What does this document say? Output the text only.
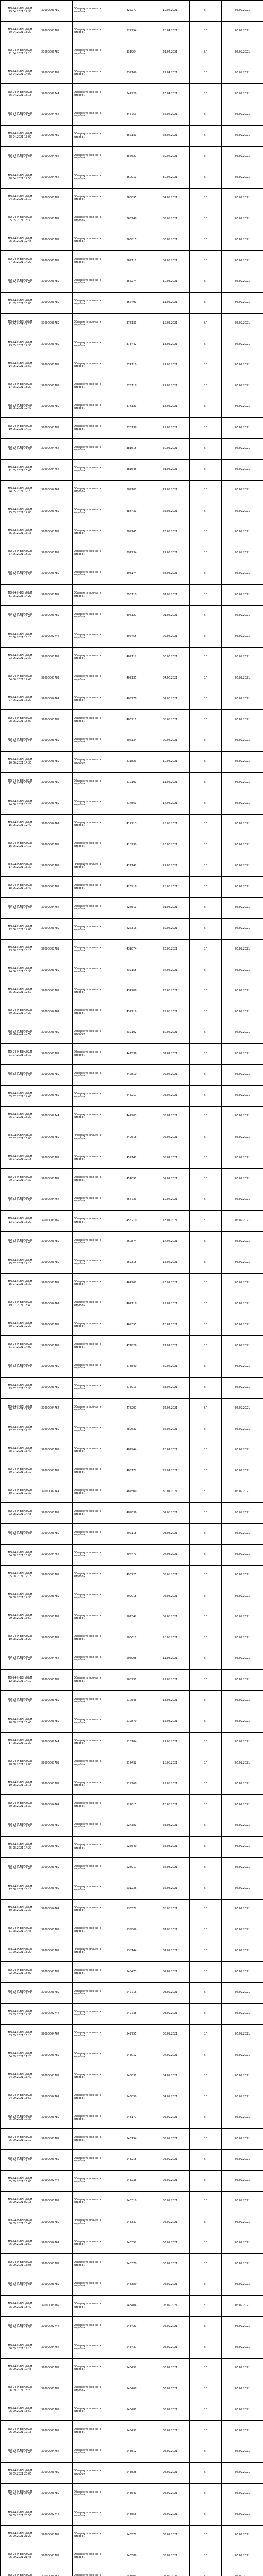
ПО-94-Н-ВЕН/09/П 19.04.2021 14:30	37600003789	Обвернута ярочка з виробом	327277	19.04.2021	ВЛ	06.09.2021
ПО-94-Н-ВЕН/09/П 20.04.2021 13:20	37600003789	Обвернута ярочка з виробом	327294	20.04.2021	ВЛ	06.09.2021
ПО-94-Н-ВЕН/09/П 21.04.2021 17:10	37600003789	Обвернута ярочка з виробом	331964	21.04.2021	ВЛ	06.09.2021
ПО-94-Н-ВЕН/09/П 22.04.2021 14:00	37600003789	Обвернута ярочка з виробом	332169	22.04.2021	ВЛ	06.09.2021
ПО-94-Н-ВЕН/09/П 26.04.2021 16:15	37600002744	Обвернута ярочка з виробом	344229	26.04.2021	ВЛ	06.09.2021
ПО-94-Н-ВЕН/09/П 27.04.2021 15:40	37600004767	Обвернута ярочка з виробом	346753	27.04.2021	ВЛ	06.09.2021
ПО-94-Н-ВЕН/09/П 28.04.2021 13:00	37600003789	Обвернута ярочка з виробом	352131	28.04.2021	ВЛ	06.09.2021
ПО-94-Н-ВЕН/09/П 29.04.2021 12:20	37600004767	Обвернута ярочка з виробом	356627	29.04.2021	ВЛ	06.09.2021
ПО-94-Н-ВЕН/09/П 30.04.2021 14:50	37600004767	Обвернута ярочка з виробом	360911	30.04.2021	ВЛ	06.09.2021
ПО-94-Н-ВЕН/09/П 04.05.2021 13:10	37600003789	Обвернута ярочка з виробом	363095	04.05.2021	ВЛ	06.09.2021
ПО-94-Н-ВЕН/09/П 05.05.2021 15:30	37600003789	Обвернута ярочка з виробом	366748	05.05.2021	ВЛ	06.09.2021
ПО-94-Н-ВЕН/09/П 06.05.2021 12:45	37600003789	Обвернута ярочка з виробом	366815	06.05.2021	ВЛ	06.09.2021
ПО-94-Н-ВЕН/09/П 07.05.2021 14:20	37600003789	Обвернута ярочка з виробом	367111	07.05.2021	ВЛ	06.09.2021
ПО-94-Н-ВЕН/09/П 10.05.2021 13:40	37600003789	Обвернута ярочка з виробом	367274	10.05.2021	ВЛ	06.09.2021
ПО-94-Н-ВЕН/09/П 11.05.2021 15:00	37600003789	Обвернута ярочка з виробом	367491	11.05.2021	ВЛ	06.09.2021
ПО-94-Н-ВЕН/09/П 12.05.2021 12:10	37600003789	Обвернута ярочка з виробом	373131	12.05.2021	ВЛ	06.09.2021
ПО-94-Н-ВЕН/09/П 13.05.2021 14:30	37600003789	Обвернута ярочка з виробом	373442	13.05.2021	ВЛ	06.09.2021
ПО-94-Н-ВЕН/09/П 14.05.2021 13:50	37600003789	Обвернута ярочка з виробом	374110	14.05.2021	ВЛ	06.09.2021
ПО-94-Н-ВЕН/09/П 17.05.2021 15:20	37600003789	Обвернута ярочка з виробом	378118	17.05.2021	ВЛ	06.09.2021
ПО-94-Н-ВЕН/09/П 18.05.2021 12:40	37600003789	Обвернута ярочка з виробом	378121	18.05.2021	ВЛ	06.09.2021
ПО-94-Н-ВЕН/09/П 19.05.2021 14:10	37600003789	Обвернута ярочка з виробом	378138	19.05.2021	ВЛ	06.09.2021
ПО-94-Н-ВЕН/09/П 20.05.2021 13:30	37600004767	Обвернута ярочка з виробом	381615	20.05.2021	ВЛ	06.09.2021
ПО-94-Н-ВЕН/09/П 21.05.2021 15:45	37600004767	Обвернута ярочка з виробом	381646	21.05.2021	ВЛ	06.09.2021
ПО-94-Н-ВЕН/09/П 24.05.2021 12:20	37600004767	Обвернута ярочка з виробом	382107	24.05.2021	ВЛ	06.09.2021
ПО-94-Н-ВЕН/09/П 25.05.2021 14:00	37600003789	Обвернута ярочка з виробом	388431	25.05.2021	ВЛ	06.09.2021
ПО-94-Н-ВЕН/09/П 26.05.2021 13:15	37600003789	Обвернута ярочка з виробом	389145	26.05.2021	ВЛ	06.09.2021
ПО-94-Н-ВЕН/09/П 27.05.2021 15:30	37600003789	Обвернута ярочка з виробом	391734	27.05.2021	ВЛ	06.09.2021
ПО-94-Н-ВЕН/09/П 28.05.2021 12:50	37600003789	Обвернута ярочка з виробом	393174	28.05.2021	ВЛ	06.09.2021
ПО-94-Н-ВЕН/09/П 31.05.2021 14:20	37600003789	Обвернута ярочка з виробом	396110	31.05.2021	ВЛ	06.09.2021
ПО-94-Н-ВЕН/09/П 01.06.2021 13:40	37600003789	Обвернута ярочка з виробом	396127	01.06.2021	ВЛ	06.09.2021
ПО-94-Н-ВЕН/09/П 02.06.2021 15:10	37600002744	Обвернута ярочка з виробом	397455	02.06.2021	ВЛ	06.09.2021
ПО-94-Н-ВЕН/09/П 03.06.2021 12:30	37600003789	Обвернута ярочка з виробом	402112	03.06.2021	ВЛ	06.09.2021
ПО-94-Н-ВЕН/09/П 04.06.2021 14:45	37600003789	Обвернута ярочка з виробом	402135	04.06.2021	ВЛ	06.09.2021
ПО-94-Н-ВЕН/09/П 07.06.2021 13:20	37600004767	Обвернута ярочка з виробом	403778	07.06.2021	ВЛ	06.09.2021
ПО-94-Н-ВЕН/09/П 08.06.2021 15:00	37600003789	Обвернута ярочка з виробом	406211	08.06.2021	ВЛ	06.09.2021
ПО-94-Н-ВЕН/09/П 09.06.2021 12:15	37600003789	Обвернута ярочка з виробом	407134	09.06.2021	ВЛ	06.09.2021
ПО-94-Н-ВЕН/09/П 10.06.2021 14:30	37600003789	Обвернута ярочка з виробом	411823	10.06.2021	ВЛ	06.09.2021
ПО-94-Н-ВЕН/09/П 11.06.2021 13:50	37600003789	Обвернута ярочка з виробом	412101	11.06.2021	ВЛ	06.09.2021
ПО-94-Н-ВЕН/09/П 14.06.2021 15:20	37600003789	Обвернута ярочка з виробом	414561	14.06.2021	ВЛ	06.09.2021
ПО-94-Н-ВЕН/09/П 15.06.2021 12:40	37600004767	Обвернута ярочка з виробом	417713	15.06.2021	ВЛ	06.09.2021
ПО-94-Н-ВЕН/09/П 16.06.2021 14:10	37600003789	Обвернута ярочка з виробом	418230	16.06.2021	ВЛ	06.09.2021
ПО-94-Н-ВЕН/09/П 17.06.2021 13:30	37600003789	Обвернута ярочка з виробом	421147	17.06.2021	ВЛ	06.09.2021
ПО-94-Н-ВЕН/09/П 18.06.2021 15:40	37600003789	Обвернута ярочка з виробом	423918	18.06.2021	ВЛ	06.09.2021
ПО-94-Н-ВЕН/09/П 21.06.2021 12:20	37600004767	Обвернута ярочка з виробом	425511	21.06.2021	ВЛ	06.09.2021
ПО-94-Н-ВЕН/09/П 22.06.2021 14:00	37600003789	Обвернута ярочка з виробом	427316	22.06.2021	ВЛ	06.09.2021
ПО-94-Н-ВЕН/09/П 23.06.2021 13:15	37600003789	Обвернута ярочка з виробом	431074	23.06.2021	ВЛ	06.09.2021
ПО-94-Н-ВЕН/09/П 24.06.2021 15:30	37600003789	Обвернута ярочка з виробом	432155	24.06.2021	ВЛ	06.09.2021
ПО-94-Н-ВЕН/09/П 25.06.2021 12:50	37600003789	Обвернута ярочка з виробом	434208	25.06.2021	ВЛ	06.09.2021
ПО-94-Н-ВЕН/09/П 29.06.2021 14:20	37600004767	Обвернута ярочка з виробом	437719	29.06.2021	ВЛ	06.09.2021
ПО-94-Н-ВЕН/09/П 30.06.2021 13:40	37600003789	Обвернута ярочка з виробом	439102	30.06.2021	ВЛ	06.09.2021
ПО-94-Н-ВЕН/09/П 01.07.2021 15:10	37600003789	Обвернута ярочка з виробом	441536	01.07.2021	ВЛ	06.09.2021
ПО-94-Н-ВЕН/09/П 02.07.2021 12:30	37600003789	Обвернута ярочка з виробом	442810	02.07.2021	ВЛ	06.09.2021
ПО-94-Н-ВЕН/09/П 05.07.2021 14:45	37600003789	Обвернута ярочка з виробом	445217	05.07.2021	ВЛ	06.09.2021
ПО-94-Н-ВЕН/09/П 06.07.2021 13:20	37600002744	Обвернута ярочка з виробом	447903	06.07.2021	ВЛ	06.09.2021
ПО-94-Н-ВЕН/09/П 07.07.2021 15:00	37600003789	Обвернута ярочка з виробом	449618	07.07.2021	ВЛ	06.09.2021
ПО-94-Н-ВЕН/09/П 08.07.2021 12:15	37600003789	Обвернута ярочка з виробом	452147	08.07.2021	ВЛ	06.09.2021
ПО-94-Н-ВЕН/09/П 09.07.2021 14:30	37600003789	Обвернута ярочка з виробом	454091	09.07.2021	ВЛ	06.09.2021
ПО-94-Н-ВЕН/09/П 12.07.2021 13:50	37600004767	Обвернута ярочка з виробом	456733	12.07.2021	ВЛ	06.09.2021
ПО-94-Н-ВЕН/09/П 13.07.2021 15:20	37600003789	Обвернута ярочка з виробом	458210	13.07.2021	ВЛ	06.09.2021
ПО-94-Н-ВЕН/09/П 14.07.2021 12:40	37600003789	Обвернута ярочка з виробом	460874	14.07.2021	ВЛ	06.09.2021
ПО-94-Н-ВЕН/09/П 15.07.2021 14:10	37600003789	Обвернута ярочка з виробом	462315	15.07.2021	ВЛ	06.09.2021
ПО-94-Н-ВЕН/09/П 16.07.2021 13:30	37600003789	Обвернута ярочка з виробом	464902	16.07.2021	ВЛ	06.09.2021
ПО-94-Н-ВЕН/09/П 19.07.2021 15:40	37600004767	Обвернута ярочка з виробом	467118	19.07.2021	ВЛ	06.09.2021
ПО-94-Н-ВЕН/09/П 20.07.2021 12:20	37600003789	Обвернута ярочка з виробом	469355	20.07.2021	ВЛ	06.09.2021
ПО-94-Н-ВЕН/09/П 21.07.2021 14:00	37600003789	Обвернута ярочка з виробом	471826	21.07.2021	ВЛ	06.09.2021
ПО-94-Н-ВЕН/09/П 22.07.2021 13:15	37600003789	Обвернута ярочка з виробом	473540	22.07.2021	ВЛ	06.09.2021
ПО-94-Н-ВЕН/09/П 23.07.2021 15:30	37600003789	Обвернута ярочка з виробом	475913	23.07.2021	ВЛ	06.09.2021
ПО-94-Н-ВЕН/09/П 26.07.2021 12:50	37600004767	Обвернута ярочка з виробом	478207	26.07.2021	ВЛ	06.09.2021
ПО-94-Н-ВЕН/09/П 27.07.2021 14:20	37600003789	Обвернута ярочка з виробом	480631	27.07.2021	ВЛ	06.09.2021
ПО-94-Н-ВЕН/09/П 28.07.2021 13:40	37600003789	Обвернута ярочка з виробом	482944	28.07.2021	ВЛ	06.09.2021
ПО-94-Н-ВЕН/09/П 29.07.2021 15:10	37600003789	Обвернута ярочка з виробом	485172	29.07.2021	ВЛ	06.09.2021
ПО-94-Н-ВЕН/09/П 30.07.2021 12:30	37600002744	Обвернута ярочка з виробом	487509	30.07.2021	ВЛ	06.09.2021
ПО-94-Н-ВЕН/09/П 02.08.2021 14:45	37600003789	Обвернута ярочка з виробом	489836	02.08.2021	ВЛ	06.09.2021
ПО-94-Н-ВЕН/09/П 03.08.2021 13:20	37600003789	Обвернута ярочка з виробом	492118	03.08.2021	ВЛ	06.09.2021
ПО-94-Н-ВЕН/09/П 04.08.2021 15:00	37600004767	Обвернута ярочка з виробом	494471	04.08.2021	ВЛ	06.09.2021
ПО-94-Н-ВЕН/09/П 05.08.2021 12:15	37600003789	Обвернута ярочка з виробом	496725	05.08.2021	ВЛ	06.09.2021
ПО-94-Н-ВЕН/09/П 06.08.2021 14:30	37600003789	Обвернута ярочка з виробом	499018	06.08.2021	ВЛ	06.09.2021
ПО-94-Н-ВЕН/09/П 09.08.2021 13:50	37600003789	Обвернута ярочка з виробом	501342	09.08.2021	ВЛ	06.09.2021
ПО-94-Н-ВЕН/09/П 10.08.2021 15:20	37600003789	Обвернута ярочка з виробом	503617	10.08.2021	ВЛ	06.09.2021
ПО-94-Н-ВЕН/09/П 11.08.2021 12:40	37600004767	Обвернута ярочка з виробом	505908	11.08.2021	ВЛ	06.09.2021
ПО-94-Н-ВЕН/09/П 12.08.2021 14:10	37600003789	Обвернута ярочка з виробом	508231	12.08.2021	ВЛ	06.09.2021
ПО-94-Н-ВЕН/09/П 13.08.2021 13:30	37600003789	Обвернута ярочка з виробом	510546	13.08.2021	ВЛ	06.09.2021
ПО-94-Н-ВЕН/09/П 16.08.2021 15:40	37600003789	Обвернута ярочка з виробом	512879	16.08.2021	ВЛ	06.09.2021
ПО-94-Н-ВЕН/09/П 17.08.2021 12:20	37600002744	Обвернута ярочка з виробом	515104	17.08.2021	ВЛ	06.09.2021
ПО-94-Н-ВЕН/09/П 18.08.2021 14:00	37600003789	Обвернута ярочка з виробом	517432	18.08.2021	ВЛ	06.09.2021
ПО-94-Н-ВЕН/09/П 19.08.2021 13:15	37600003789	Обвернута ярочка з виробом	519768	19.08.2021	ВЛ	06.09.2021
ПО-94-Н-ВЕН/09/П 20.08.2021 15:30	37600004767	Обвернута ярочка з виробом	522015	20.08.2021	ВЛ	06.09.2021
ПО-94-Н-ВЕН/09/П 23.08.2021 12:50	37600003789	Обвернута ярочка з виробом	524381	23.08.2021	ВЛ	06.09.2021
ПО-94-Н-ВЕН/09/П 25.08.2021 14:20	37600003789	Обвернута ярочка з виробом	526640	25.08.2021	ВЛ	06.09.2021
ПО-94-Н-ВЕН/09/П 26.08.2021 13:40	37600003789	Обвернута ярочка з виробом	528917	26.08.2021	ВЛ	06.09.2021
ПО-94-Н-ВЕН/09/П 27.08.2021 15:10	37600003789	Обвернута ярочка з виробом	531236	27.08.2021	ВЛ	06.09.2021
ПО-94-Н-ВЕН/09/П 30.08.2021 12:30	37600004767	Обвернута ярочка з виробом	533572	30.08.2021	ВЛ	06.09.2021
ПО-94-Н-ВЕН/09/П 31.08.2021 14:45	37600003789	Обвернута ярочка з виробом	535809	31.08.2021	ВЛ	06.09.2021
ПО-94-Н-ВЕН/09/П 01.09.2021 13:20	37600003789	Обвернута ярочка з виробом	538144	01.09.2021	ВЛ	06.09.2021
ПО-94-Н-ВЕН/09/П 02.09.2021 15:00	37600003789	Обвернута ярочка з виробом	540473	02.09.2021	ВЛ	06.09.2021
ПО-94-Н-ВЕН/09/П 03.09.2021 12:15	37600003789	Обвернута ярочка з виробом	542716	03.09.2021	ВЛ	06.09.2021
ПО-94-Н-ВЕН/09/П 03.09.2021 14:30	37600002744	Обвернута ярочка з виробом	542738	03.09.2021	ВЛ	06.09.2021
ПО-94-Н-ВЕН/09/П 03.09.2021 16:10	37600004767	Обвернута ярочка з виробом	542755	03.09.2021	ВЛ	06.09.2021
ПО-94-Н-ВЕН/09/П 04.09.2021 11:20	37600003789	Обвернута ярочка з виробом	543012	04.09.2021	ВЛ	06.09.2021
ПО-94-Н-ВЕН/09/П 04.09.2021 13:40	37600003789	Обвернута ярочка з виробом	543031	04.09.2021	ВЛ	06.09.2021
ПО-94-Н-ВЕН/09/П 04.09.2021 15:50	37600004767	Обвернута ярочка з виробом	543058	04.09.2021	ВЛ	06.09.2021
ПО-94-Н-ВЕН/09/П 05.09.2021 10:30	37600003789	Обвернута ярочка з виробом	543177	05.09.2021	ВЛ	06.09.2021
ПО-94-Н-ВЕН/09/П 05.09.2021 12:10	37600003789	Обвернута ярочка з виробом	543194	05.09.2021	ВЛ	06.09.2021
ПО-94-Н-ВЕН/09/П 05.09.2021 14:20	37600003789	Обвернута ярочка з виробом	543215	05.09.2021	ВЛ	06.09.2021
ПО-94-Н-ВЕН/09/П 05.09.2021 16:00	37600002744	Обвернута ярочка з виробом	543236	05.09.2021	ВЛ	06.09.2021
ПО-94-Н-ВЕН/09/П 06.09.2021 09:15	37600003789	Обвернута ярочка з виробом	543318	06.09.2021	ВЛ	06.09.2021
ПО-94-Н-ВЕН/09/П 06.09.2021 10:40	37600003789	Обвернута ярочка з виробом	543337	06.09.2021	ВЛ	06.09.2021
ПО-94-Н-ВЕН/09/П 06.09.2021 11:50	37600004767	Обвернута ярочка з виробом	543352	06.09.2021	ВЛ	06.09.2021
ПО-94-Н-ВЕН/09/П 06.09.2021 13:05	37600003789	Обвернута ярочка з виробом	543370	06.09.2021	ВЛ	06.09.2021
ПО-94-Н-ВЕН/09/П 06.09.2021 14:25	37600003789	Обвернута ярочка з виробом	543389	06.09.2021	ВЛ	06.09.2021
ПО-94-Н-ВЕН/09/П 06.09.2021 15:40	37600003789	Обвернута ярочка з виробом	543404	06.09.2021	ВЛ	06.09.2021
ПО-94-Н-ВЕН/09/П 06.09.2021 16:30	37600002744	Обвернута ярочка з виробом	543421	06.09.2021	ВЛ	06.09.2021
ПО-94-Н-ВЕН/09/П 06.09.2021 17:10	37600004767	Обвернута ярочка з виробом	543437	06.09.2021	ВЛ	06.09.2021
ПО-94-Н-ВЕН/09/П 06.09.2021 17:45	37600003789	Обвернута ярочка з виробом	543452	06.09.2021	ВЛ	06.09.2021
ПО-94-Н-ВЕН/09/П 06.09.2021 18:20	37600003789	Обвернута ярочка з виробом	543468	06.09.2021	ВЛ	06.09.2021
ПО-94-Н-ВЕН/09/П 06.09.2021 18:50	37600003789	Обвернута ярочка з виробом	543481	06.09.2021	ВЛ	06.09.2021
ПО-94-Н-ВЕН/09/П 06.09.2021 19:15	37600003789	Обвернута ярочка з виробом	543497	06.09.2021	ВЛ	06.09.2021
ПО-94-Н-ВЕН/09/П 06.09.2021 19:40	37600004767	Обвернута ярочка з виробом	543512	06.09.2021	ВЛ	06.09.2021
ПО-94-Н-ВЕН/09/П 06.09.2021 20:05	37600003789	Обвернута ярочка з виробом	543528	06.09.2021	ВЛ	06.09.2021
ПО-94-Н-ВЕН/09/П 06.09.2021 20:30	37600003789	Обвернута ярочка з виробом	543541	06.09.2021	ВЛ	06.09.2021
ПО-94-Н-ВЕН/09/П 06.09.2021 20:55	37600002744	Обвернута ярочка з виробом	543556	06.09.2021	ВЛ	06.09.2021
ПО-94-Н-ВЕН/09/П 06.09.2021 21:20	37600003789	Обвернута ярочка з виробом	543572	06.09.2021	ВЛ	06.09.2021
ПО-94-Н-ВЕН/09/П 06.09.2021 21:45	37600003789	Обвернута ярочка з виробом	543589	06.09.2021	ВЛ	06.09.2021
ПО-94-Н-ВЕН/09/П		Обвернута ярочка з				
